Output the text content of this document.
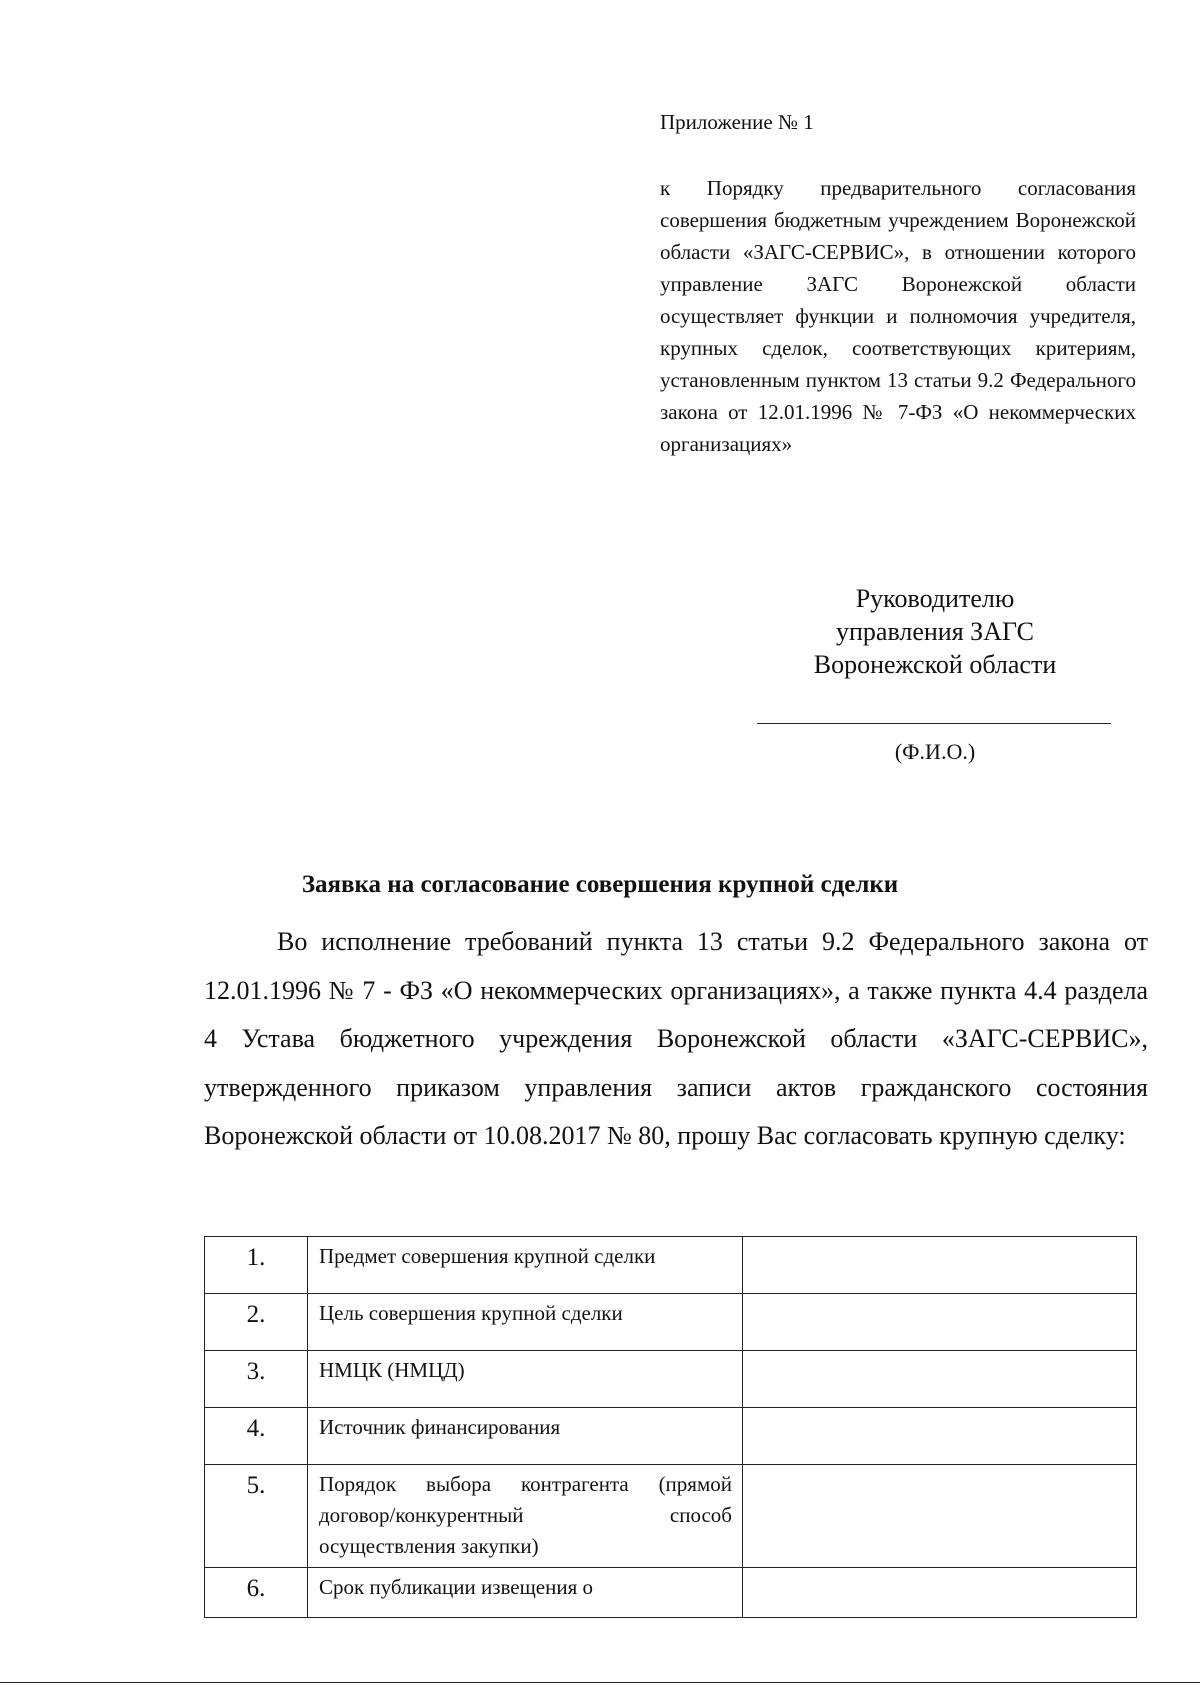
Приложение № 1

к Порядку предварительного согласования совершения бюджетным учреждением Воронежской области «ЗАГС-СЕРВИС», в отношении которого управление ЗАГС Воронежской области осуществляет функции и полномочия учредителя, крупных сделок, соответствующих критериям, установленным пунктом 13 статьи 9.2 Федерального закона от 12.01.1996 № 7-ФЗ «О некоммерческих организациях»

Руководителю
управления ЗАГС
Воронежской области
(Ф.И.О.)
Заявка на согласование совершения крупной сделки

Во исполнение требований пункта 13 статьи 9.2 Федерального закона от 12.01.1996 № 7 - ФЗ «О некоммерческих организациях», а также пункта 4.4 раздела 4 Устава бюджетного учреждения Воронежской области «ЗАГС-СЕРВИС», утвержденного приказом управления записи актов гражданского состояния Воронежской области от 10.08.2017 № 80, прошу Вас согласовать крупную сделку:

1.	Предмет совершения крупной сделки	
2.	Цель совершения крупной сделки	
3.	НМЦК (НМЦД)	
4.	Источник финансирования	
5.	Порядок выбора контрагента (прямой договор/конкурентный способ осуществления закупки)	
6.	Срок публикации извещения о	
